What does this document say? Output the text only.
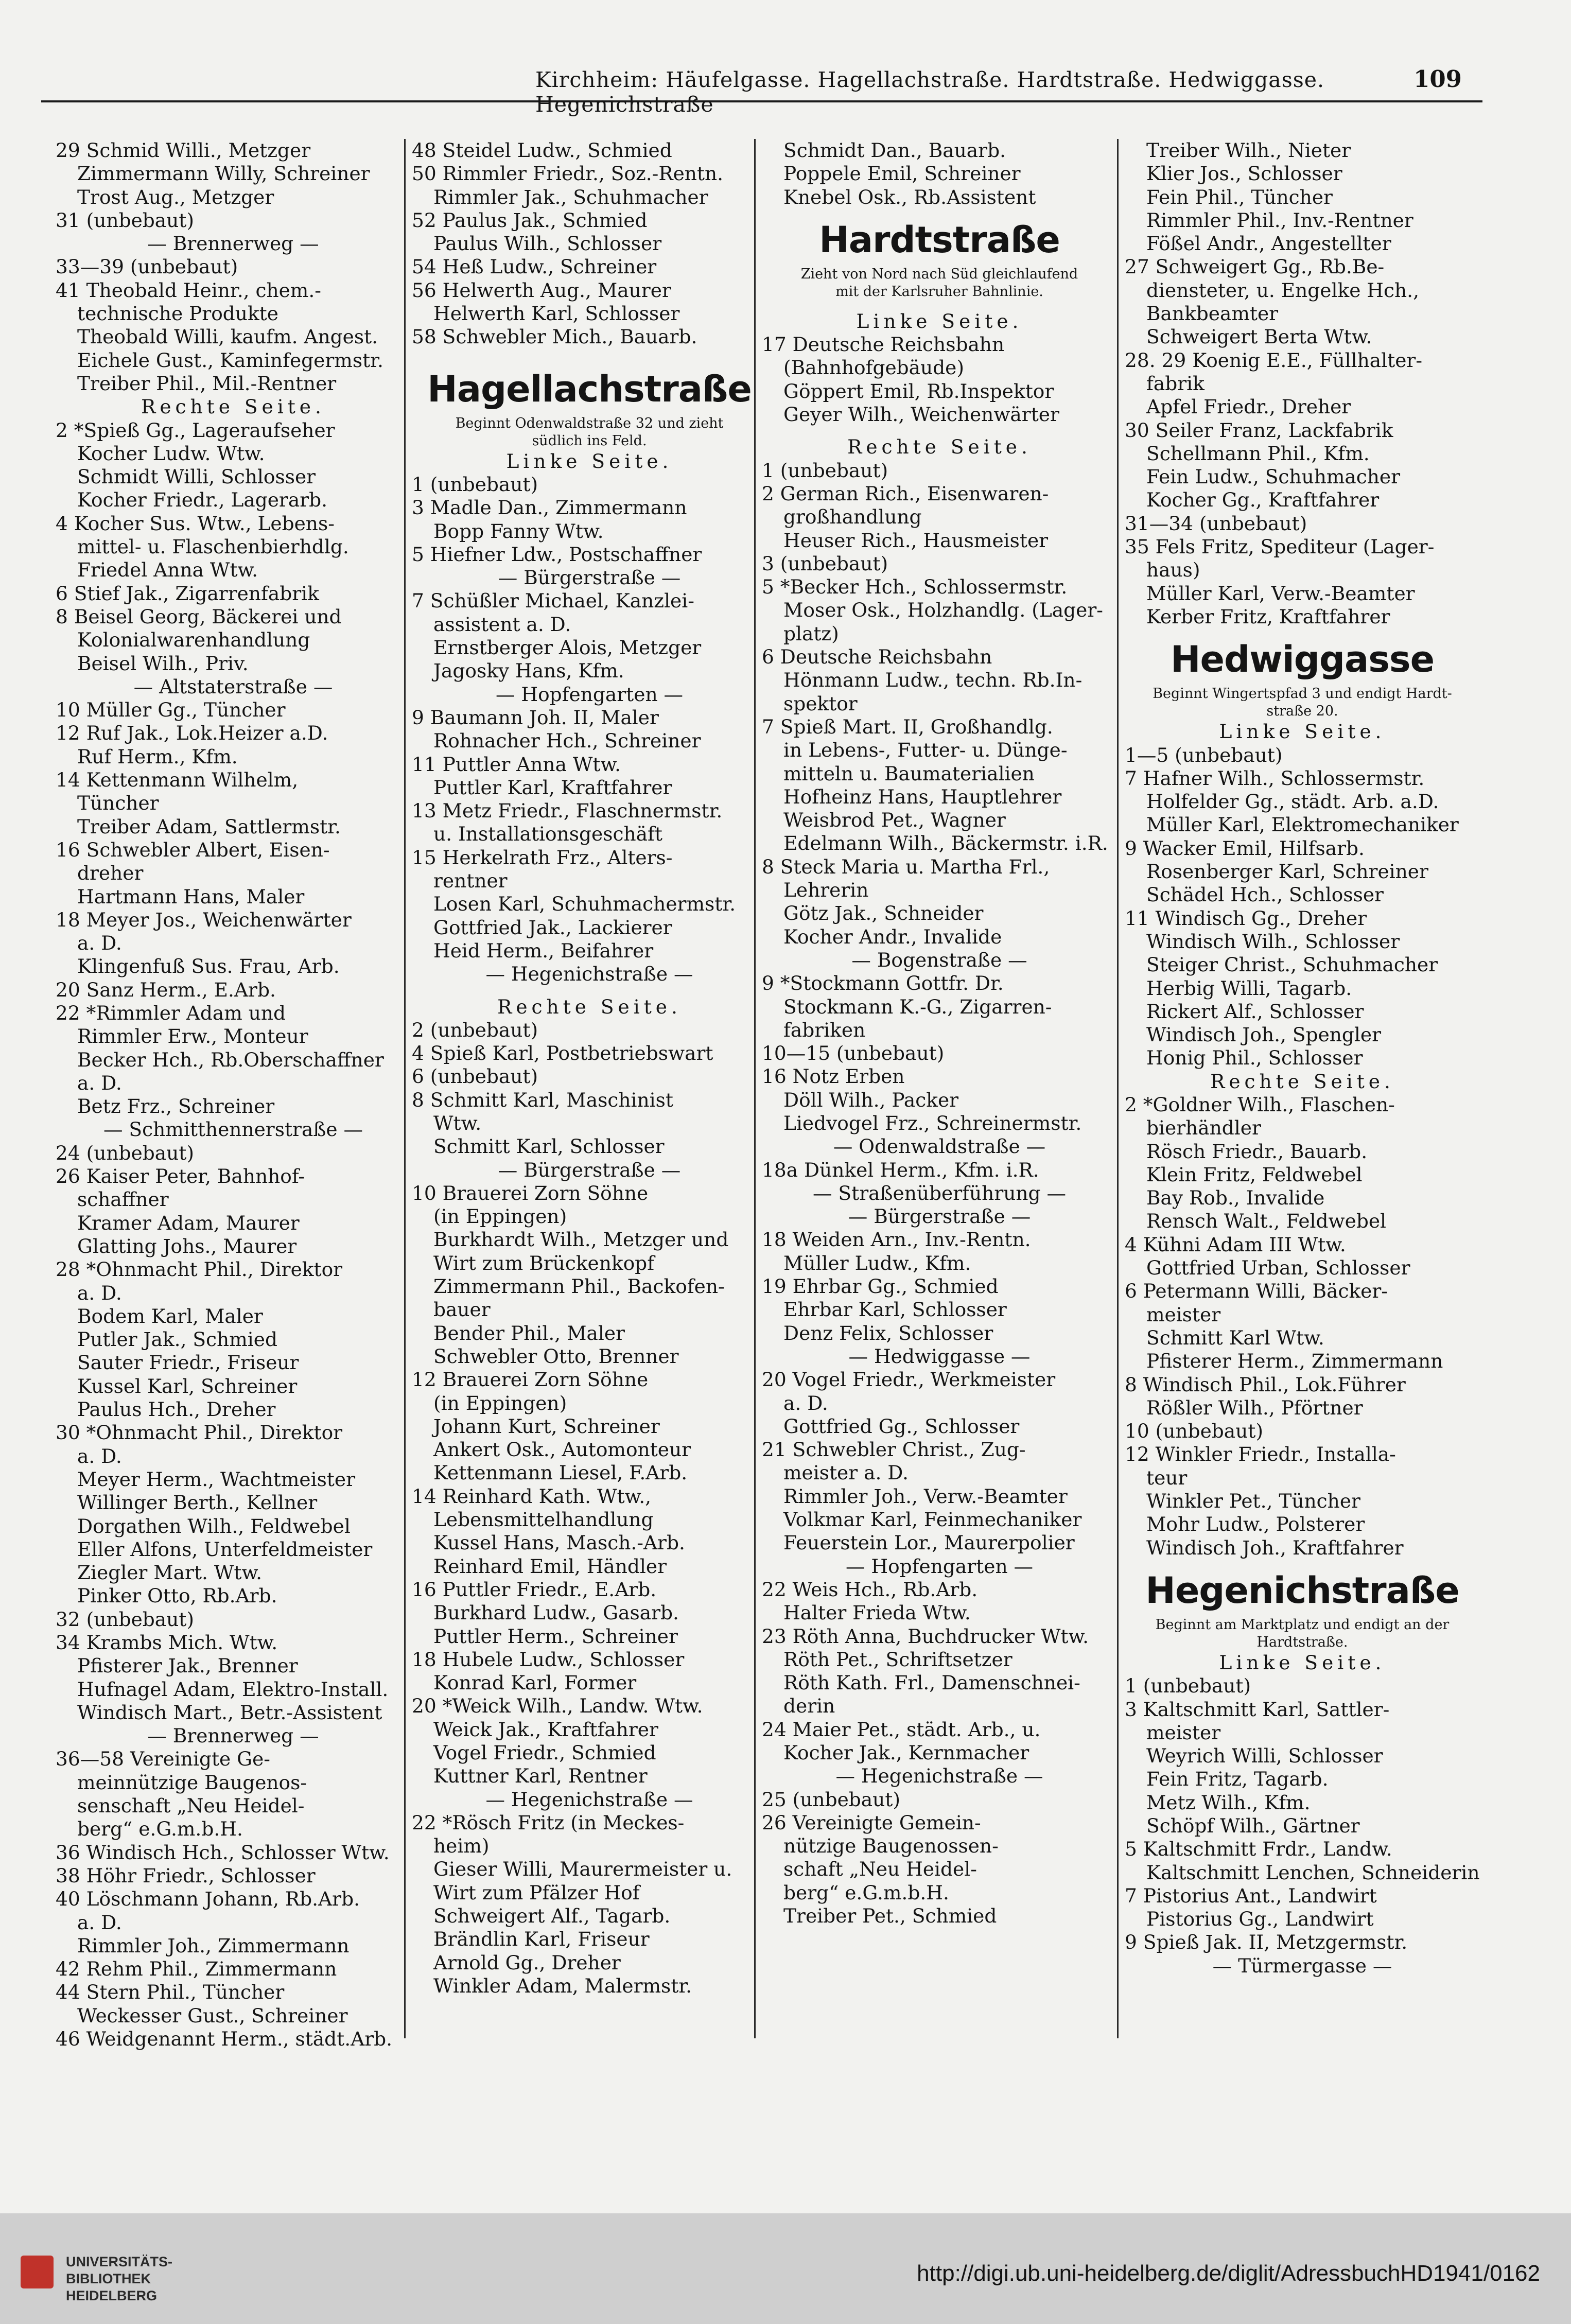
Kirchheim: Häufelgasse. Hagellachstraße. Hardtstraße. Hedwiggasse. Hegenichstraße
109
29 Schmid Willi., Metzger
Zimmermann Willy, Schreiner
Trost Aug., Metzger
31 (unbebaut)
— Brennerweg —
33—39 (unbebaut)
41 Theobald Heinr., chem.-
technische Produkte
Theobald Willi, kaufm. Angest.
Eichele Gust., Kaminfegermstr.
Treiber Phil., Mil.-Rentner
Rechte Seite.
2 *Spieß Gg., Lageraufseher
Kocher Ludw. Wtw.
Schmidt Willi, Schlosser
Kocher Friedr., Lagerarb.
4 Kocher Sus. Wtw., Lebens-
mittel- u. Flaschenbierhdlg.
Friedel Anna Wtw.
6 Stief Jak., Zigarrenfabrik
8 Beisel Georg, Bäckerei und
Kolonialwarenhandlung
Beisel Wilh., Priv.
— Altstaterstraße —
10 Müller Gg., Tüncher
12 Ruf Jak., Lok.Heizer a.D.
Ruf Herm., Kfm.
14 Kettenmann Wilhelm,
Tüncher
Treiber Adam, Sattlermstr.
16 Schwebler Albert, Eisen-
dreher
Hartmann Hans, Maler
18 Meyer Jos., Weichenwärter
a. D.
Klingenfuß Sus. Frau, Arb.
20 Sanz Herm., E.Arb.
22 *Rimmler Adam und
Rimmler Erw., Monteur
Becker Hch., Rb.Oberschaffner
a. D.
Betz Frz., Schreiner
— Schmitthennerstraße —
24 (unbebaut)
26 Kaiser Peter, Bahnhof-
schaffner
Kramer Adam, Maurer
Glatting Johs., Maurer
28 *Ohnmacht Phil., Direktor
a. D.
Bodem Karl, Maler
Putler Jak., Schmied
Sauter Friedr., Friseur
Kussel Karl, Schreiner
Paulus Hch., Dreher
30 *Ohnmacht Phil., Direktor
a. D.
Meyer Herm., Wachtmeister
Willinger Berth., Kellner
Dorgathen Wilh., Feldwebel
Eller Alfons, Unterfeldmeister
Ziegler Mart. Wtw.
Pinker Otto, Rb.Arb.
32 (unbebaut)
34 Krambs Mich. Wtw.
Pfisterer Jak., Brenner
Hufnagel Adam, Elektro-Install.
Windisch Mart., Betr.-Assistent
— Brennerweg —
36—58 Vereinigte Ge-
meinnützige Baugenos-
senschaft „Neu Heidel-
berg“ e.G.m.b.H.
36 Windisch Hch., Schlosser Wtw.
38 Höhr Friedr., Schlosser
40 Löschmann Johann, Rb.Arb.
a. D.
Rimmler Joh., Zimmermann
42 Rehm Phil., Zimmermann
44 Stern Phil., Tüncher
Weckesser Gust., Schreiner
46 Weidgenannt Herm., städt.Arb.
48 Steidel Ludw., Schmied
50 Rimmler Friedr., Soz.-Rentn.
Rimmler Jak., Schuhmacher
52 Paulus Jak., Schmied
Paulus Wilh., Schlosser
54 Heß Ludw., Schreiner
56 Helwerth Aug., Maurer
Helwerth Karl, Schlosser
58 Schwebler Mich., Bauarb.
Hagellachstraße
Beginnt Odenwaldstraße 32 und zieht
südlich ins Feld.
Linke Seite.
1 (unbebaut)
3 Madle Dan., Zimmermann
Bopp Fanny Wtw.
5 Hiefner Ldw., Postschaffner
— Bürgerstraße —
7 Schüßler Michael, Kanzlei-
assistent a. D.
Ernstberger Alois, Metzger
Jagosky Hans, Kfm.
— Hopfengarten —
9 Baumann Joh. II, Maler
Rohnacher Hch., Schreiner
11 Puttler Anna Wtw.
Puttler Karl, Kraftfahrer
13 Metz Friedr., Flaschnermstr.
u. Installationsgeschäft
15 Herkelrath Frz., Alters-
rentner
Losen Karl, Schuhmachermstr.
Gottfried Jak., Lackierer
Heid Herm., Beifahrer
— Hegenichstraße —
Rechte Seite.
2 (unbebaut)
4 Spieß Karl, Postbetriebswart
6 (unbebaut)
8 Schmitt Karl, Maschinist
Wtw.
Schmitt Karl, Schlosser
— Bürgerstraße —
10 Brauerei Zorn Söhne
(in Eppingen)
Burkhardt Wilh., Metzger und
Wirt zum Brückenkopf
Zimmermann Phil., Backofen-
bauer
Bender Phil., Maler
Schwebler Otto, Brenner
12 Brauerei Zorn Söhne
(in Eppingen)
Johann Kurt, Schreiner
Ankert Osk., Automonteur
Kettenmann Liesel, F.Arb.
14 Reinhard Kath. Wtw.,
Lebensmittelhandlung
Kussel Hans, Masch.-Arb.
Reinhard Emil, Händler
16 Puttler Friedr., E.Arb.
Burkhard Ludw., Gasarb.
Puttler Herm., Schreiner
18 Hubele Ludw., Schlosser
Konrad Karl, Former
20 *Weick Wilh., Landw. Wtw.
Weick Jak., Kraftfahrer
Vogel Friedr., Schmied
Kuttner Karl, Rentner
— Hegenichstraße —
22 *Rösch Fritz (in Meckes-
heim)
Gieser Willi, Maurermeister u.
Wirt zum Pfälzer Hof
Schweigert Alf., Tagarb.
Brändlin Karl, Friseur
Arnold Gg., Dreher
Winkler Adam, Malermstr.
Schmidt Dan., Bauarb.
Poppele Emil, Schreiner
Knebel Osk., Rb.Assistent
Hardtstraße
Zieht von Nord nach Süd gleichlaufend
mit der Karlsruher Bahnlinie.
Linke Seite.
17 Deutsche Reichsbahn
(Bahnhofgebäude)
Göppert Emil, Rb.Inspektor
Geyer Wilh., Weichenwärter
Rechte Seite.
1 (unbebaut)
2 German Rich., Eisenwaren-
großhandlung
Heuser Rich., Hausmeister
3 (unbebaut)
5 *Becker Hch., Schlossermstr.
Moser Osk., Holzhandlg. (Lager-
platz)
6 Deutsche Reichsbahn
Hönmann Ludw., techn. Rb.In-
spektor
7 Spieß Mart. II, Großhandlg.
in Lebens-, Futter- u. Dünge-
mitteln u. Baumaterialien
Hofheinz Hans, Hauptlehrer
Weisbrod Pet., Wagner
Edelmann Wilh., Bäckermstr. i.R.
8 Steck Maria u. Martha Frl.,
Lehrerin
Götz Jak., Schneider
Kocher Andr., Invalide
— Bogenstraße —
9 *Stockmann Gottfr. Dr.
Stockmann K.-G., Zigarren-
fabriken
10—15 (unbebaut)
16 Notz Erben
Döll Wilh., Packer
Liedvogel Frz., Schreinermstr.
— Odenwaldstraße —
18a Dünkel Herm., Kfm. i.R.
— Straßenüberführung —
— Bürgerstraße —
18 Weiden Arn., Inv.-Rentn.
Müller Ludw., Kfm.
19 Ehrbar Gg., Schmied
Ehrbar Karl, Schlosser
Denz Felix, Schlosser
— Hedwiggasse —
20 Vogel Friedr., Werkmeister
a. D.
Gottfried Gg., Schlosser
21 Schwebler Christ., Zug-
meister a. D.
Rimmler Joh., Verw.-Beamter
Volkmar Karl, Feinmechaniker
Feuerstein Lor., Maurerpolier
— Hopfengarten —
22 Weis Hch., Rb.Arb.
Halter Frieda Wtw.
23 Röth Anna, Buchdrucker Wtw.
Röth Pet., Schriftsetzer
Röth Kath. Frl., Damenschnei-
derin
24 Maier Pet., städt. Arb., u.
Kocher Jak., Kernmacher
— Hegenichstraße —
25 (unbebaut)
26 Vereinigte Gemein-
nützige Baugenossen-
schaft „Neu Heidel-
berg“ e.G.m.b.H.
Treiber Pet., Schmied
Treiber Wilh., Nieter
Klier Jos., Schlosser
Fein Phil., Tüncher
Rimmler Phil., Inv.-Rentner
Fößel Andr., Angestellter
27 Schweigert Gg., Rb.Be-
diensteter, u. Engelke Hch.,
Bankbeamter
Schweigert Berta Wtw.
28. 29 Koenig E.E., Füllhalter-
fabrik
Apfel Friedr., Dreher
30 Seiler Franz, Lackfabrik
Schellmann Phil., Kfm.
Fein Ludw., Schuhmacher
Kocher Gg., Kraftfahrer
31—34 (unbebaut)
35 Fels Fritz, Spediteur (Lager-
haus)
Müller Karl, Verw.-Beamter
Kerber Fritz, Kraftfahrer
Hedwiggasse
Beginnt Wingertspfad 3 und endigt Hardt-
straße 20.
Linke Seite.
1—5 (unbebaut)
7 Hafner Wilh., Schlossermstr.
Holfelder Gg., städt. Arb. a.D.
Müller Karl, Elektromechaniker
9 Wacker Emil, Hilfsarb.
Rosenberger Karl, Schreiner
Schädel Hch., Schlosser
11 Windisch Gg., Dreher
Windisch Wilh., Schlosser
Steiger Christ., Schuhmacher
Herbig Willi, Tagarb.
Rickert Alf., Schlosser
Windisch Joh., Spengler
Honig Phil., Schlosser
Rechte Seite.
2 *Goldner Wilh., Flaschen-
bierhändler
Rösch Friedr., Bauarb.
Klein Fritz, Feldwebel
Bay Rob., Invalide
Rensch Walt., Feldwebel
4 Kühni Adam III Wtw.
Gottfried Urban, Schlosser
6 Petermann Willi, Bäcker-
meister
Schmitt Karl Wtw.
Pfisterer Herm., Zimmermann
8 Windisch Phil., Lok.Führer
Rößler Wilh., Pförtner
10 (unbebaut)
12 Winkler Friedr., Installa-
teur
Winkler Pet., Tüncher
Mohr Ludw., Polsterer
Windisch Joh., Kraftfahrer
Hegenichstraße
Beginnt am Marktplatz und endigt an der
Hardtstraße.
Linke Seite.
1 (unbebaut)
3 Kaltschmitt Karl, Sattler-
meister
Weyrich Willi, Schlosser
Fein Fritz, Tagarb.
Metz Wilh., Kfm.
Schöpf Wilh., Gärtner
5 Kaltschmitt Frdr., Landw.
Kaltschmitt Lenchen, Schneiderin
7 Pistorius Ant., Landwirt
Pistorius Gg., Landwirt
9 Spieß Jak. II, Metzgermstr.
— Türmergasse —
UNIVERSITÄTS-
BIBLIOTHEK
HEIDELBERG
http://digi.ub.uni-heidelberg.de/diglit/AdressbuchHD1941/0162
